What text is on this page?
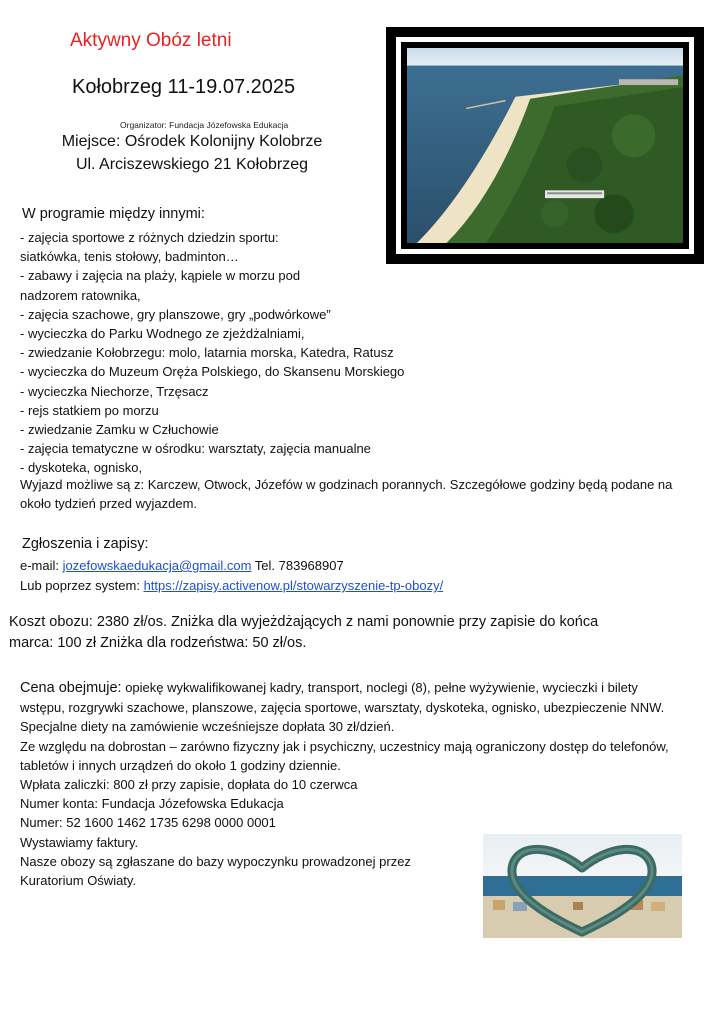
Aktywny Obóz letni
Kołobrzeg 11-19.07.2025
Organizator: Fundacja Józefowska Edukacja
Miejsce: Ośrodek Kolonijny Kolobrze
Ul. Arciszewskiego 21 Kołobrzeg
W programie między innymi:
- zajęcia sportowe z różnych dziedzin sportu:
siatkówka, tenis stołowy, badminton…
- zabawy i zajęcia na plaży, kąpiele w morzu pod
nadzorem ratownika,
- zajęcia szachowe, gry planszowe, gry „podwórkowe”
- wycieczka do Parku Wodnego ze zjeżdżalniami,
- zwiedzanie Kołobrzegu: molo, latarnia morska, Katedra, Ratusz
- wycieczka do Muzeum Oręża Polskiego, do Skansenu Morskiego
- wycieczka Niechorze, Trzęsacz
- rejs statkiem po morzu
- zwiedzanie Zamku w Człuchowie
- zajęcia tematyczne w ośrodku: warsztaty, zajęcia manualne
- dyskoteka, ognisko,
Wyjazd możliwe są z: Karczew, Otwock, Józefów w godzinach porannych. Szczegółowe godziny będą podane na około tydzień przed wyjazdem.
Zgłoszenia i zapisy:
e-mail: jozefowskaedukacja@gmail.com Tel. 783968907
Lub poprzez system: https://zapisy.activenow.pl/stowarzyszenie-tp-obozy/
Koszt obozu: 2380 zł/os. Zniżka dla wyjeżdżających z nami ponownie przy zapisie do końca marca: 100 zł Zniżka dla rodzeństwa: 50 zł/os.

Cena obejmuje: opiekę wykwalifikowanej kadry, transport, noclegi (8), pełne wyżywienie, wycieczki i bilety wstępu, rozgrywki szachowe, planszowe, zajęcia sportowe, warsztaty, dyskoteka, ognisko, ubezpieczenie NNW. Specjalne diety na zamówienie wcześniejsze dopłata 30 zł/dzień.

Ze względu na dobrostan – zarówno fizyczny jak i psychiczny, uczestnicy mają ograniczony dostęp do telefonów, tabletów i innych urządzeń do około 1 godziny dziennie.

Wpłata zaliczki: 800 zł przy zapisie, dopłata do 10 czerwca

Numer konta: Fundacja Józefowska Edukacja

Numer: 52 1600 1462 1735 6298 0000 0001

Wystawiamy faktury.

Nasze obozy są zgłaszane do bazy wypoczynku prowadzonej przez

Kuratorium Oświaty.
